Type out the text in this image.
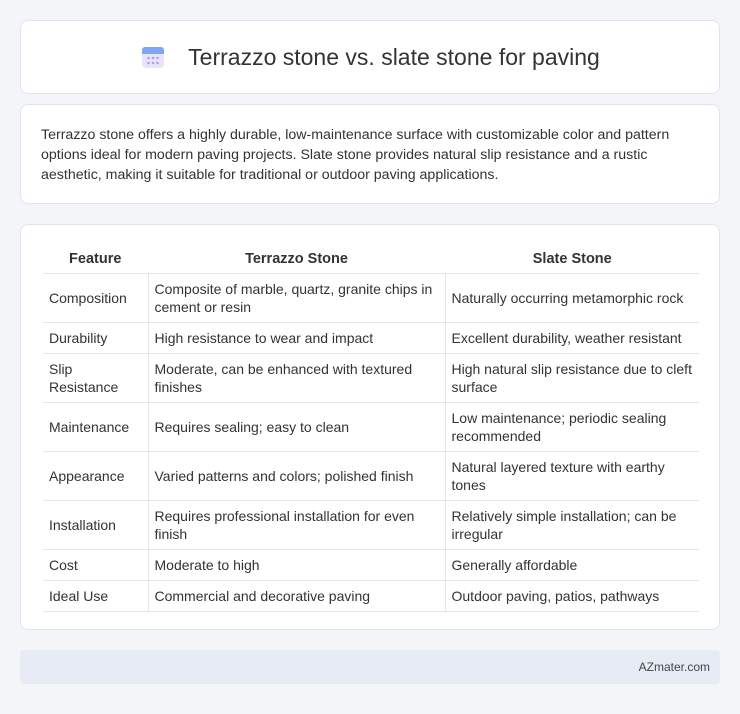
Terrazzo stone vs. slate stone for paving

Terrazzo stone offers a highly durable, low-maintenance surface with customizable color and pattern options ideal for modern paving projects. Slate stone provides natural slip resistance and a rustic aesthetic, making it suitable for traditional or outdoor paving applications.

Feature	Terrazzo Stone	Slate Stone
Composition	Composite of marble, quartz, granite chips in cement or resin	Naturally occurring metamorphic rock
Durability	High resistance to wear and impact	Excellent durability, weather resistant
Slip Resistance	Moderate, can be enhanced with textured finishes	High natural slip resistance due to cleft surface
Maintenance	Requires sealing; easy to clean	Low maintenance; periodic sealing recommended
Appearance	Varied patterns and colors; polished finish	Natural layered texture with earthy tones
Installation	Requires professional installation for even finish	Relatively simple installation; can be irregular
Cost	Moderate to high	Generally affordable
Ideal Use	Commercial and decorative paving	Outdoor paving, patios, pathways
AZmater.com
